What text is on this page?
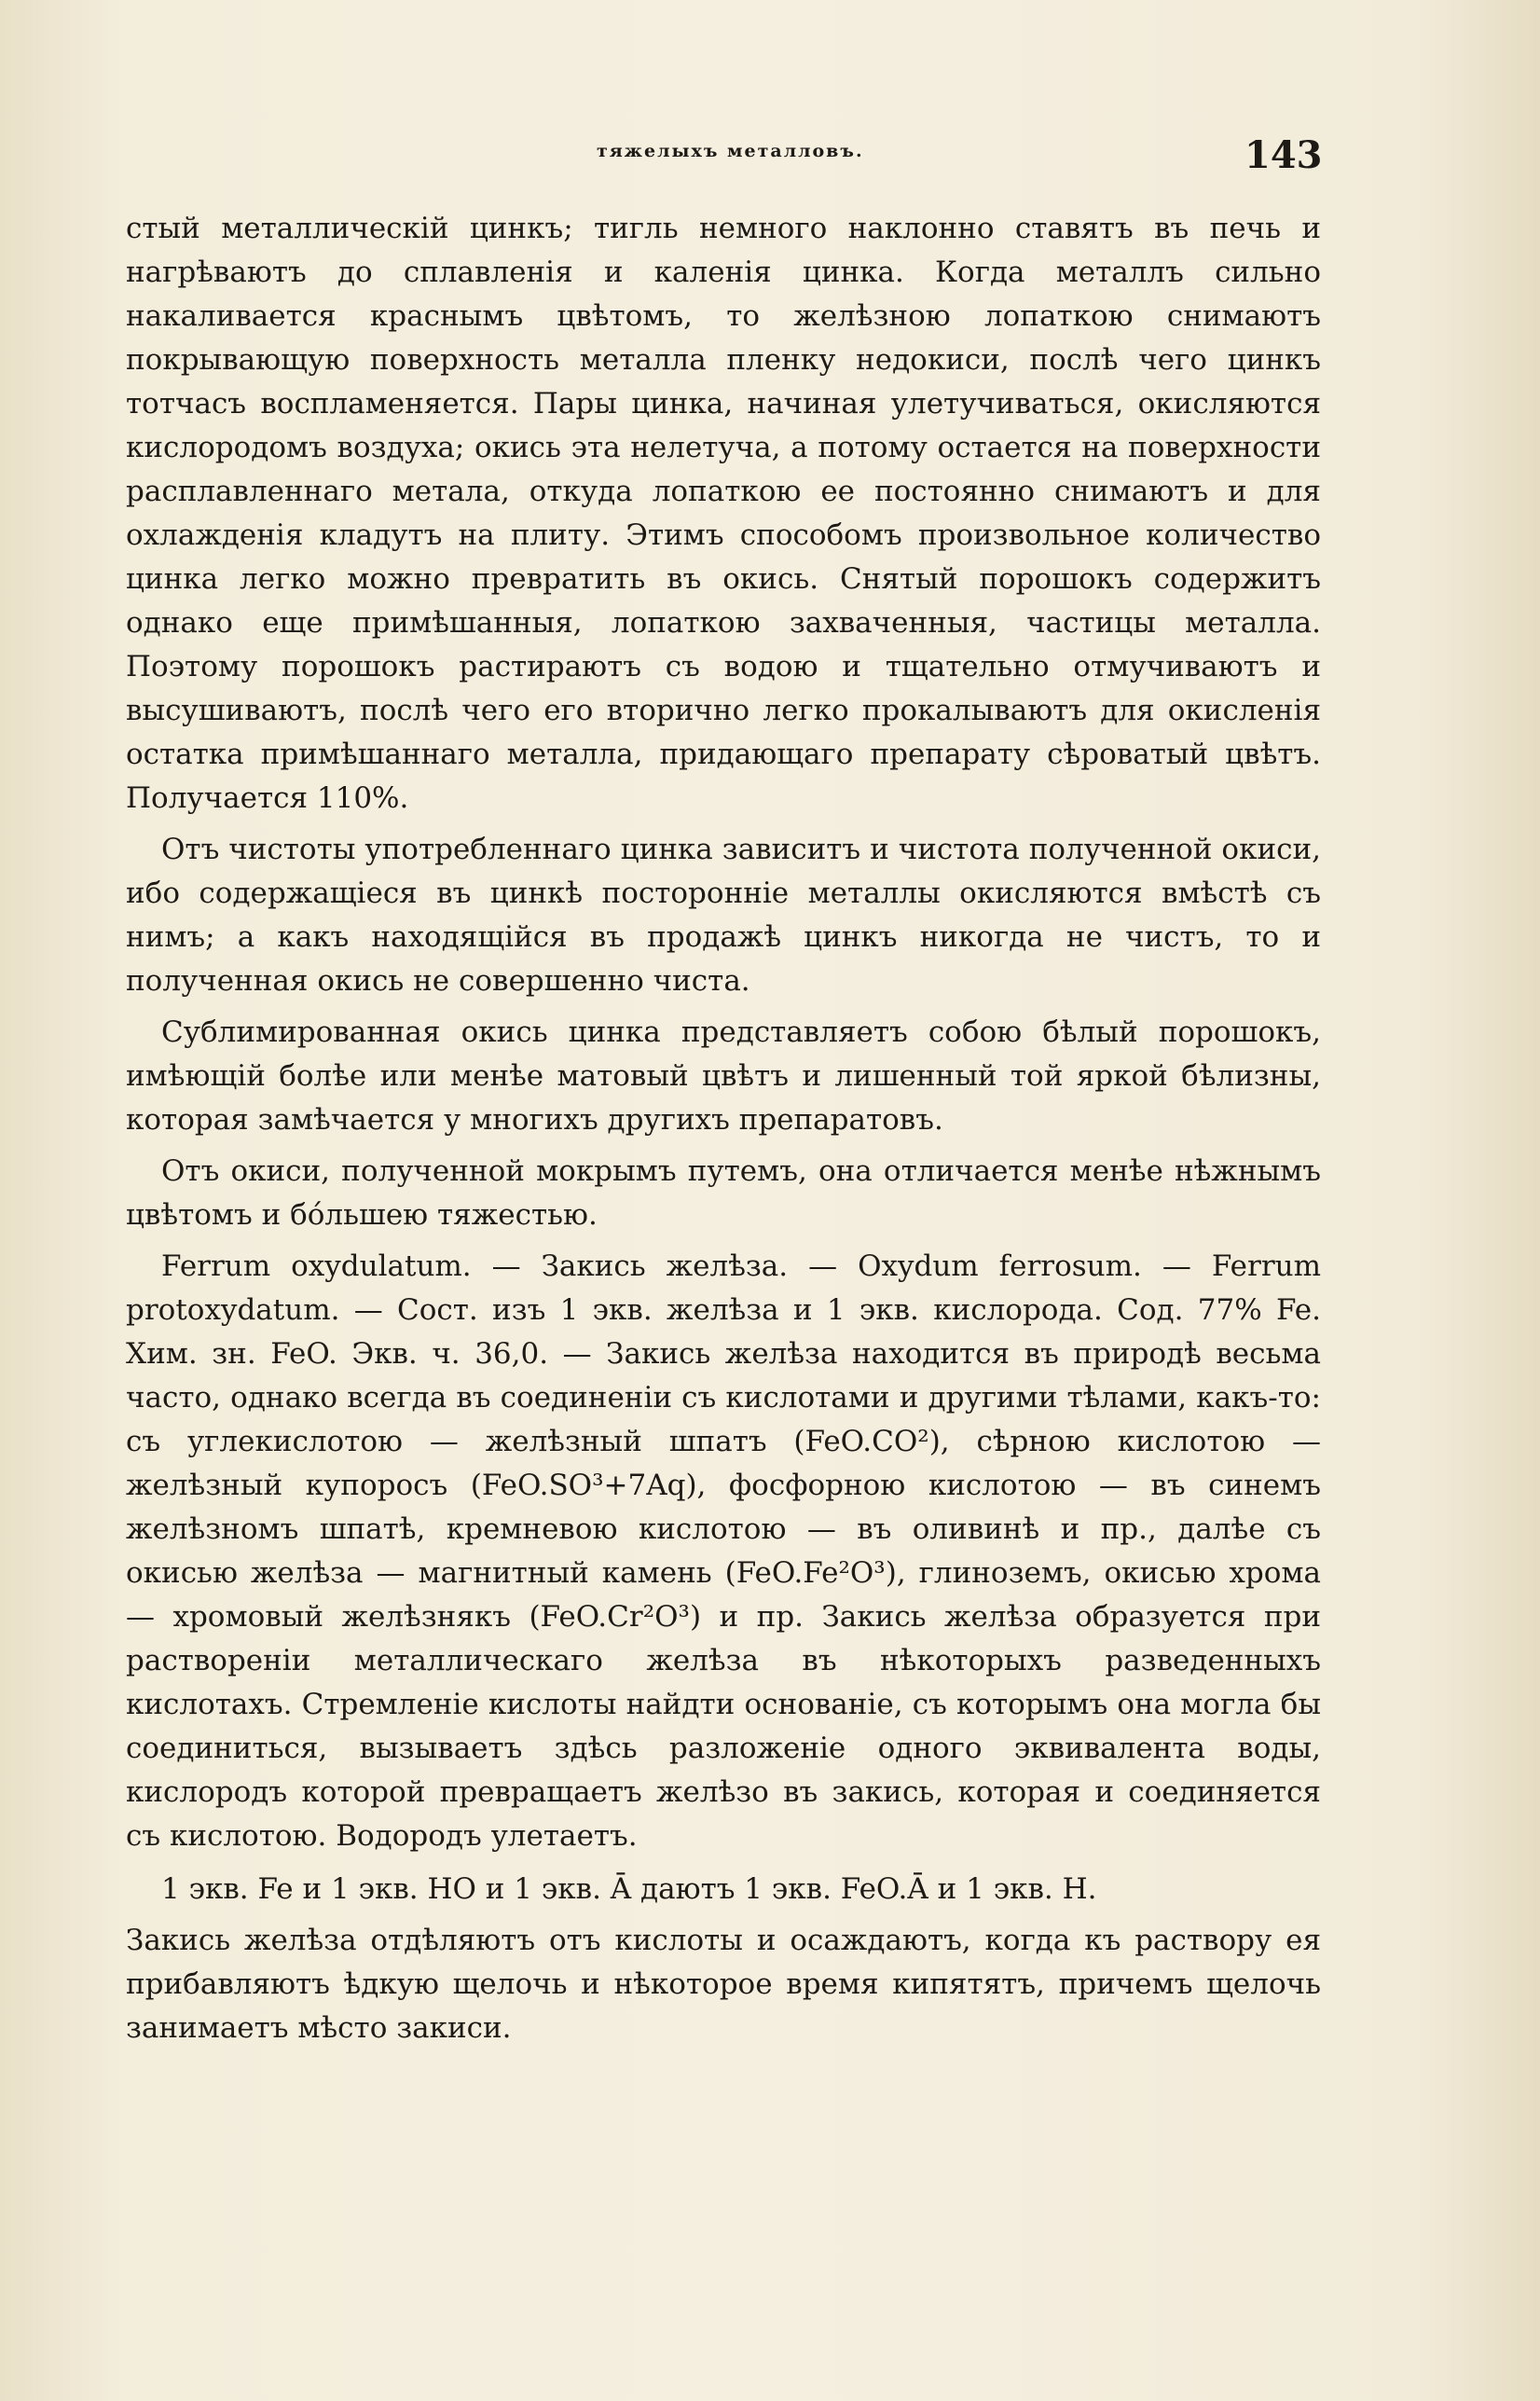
тяжелыхъ металловъ.	143

стый металлическій цинкъ; тигль немного наклонно ставятъ въ печь и нагрѣваютъ до сплавленія и каленія цинка. Когда металлъ сильно накаливается краснымъ цвѣтомъ, то желѣзною лопаткою снимаютъ покрывающую поверхность металла пленку недокиси, послѣ чего цинкъ тотчасъ воспламеняется. Пары цинка, начиная улетучиваться, окисляются кислородомъ воздуха; окись эта нелетуча, а потому остается на поверхности расплавленнаго метала, откуда лопаткою ее постоянно снимаютъ и для охлажденія кладутъ на плиту. Этимъ способомъ произвольное количество цинка легко можно превратить въ окись. Снятый порошокъ содержитъ однако еще примѣшанныя, лопаткою захваченныя, частицы металла. Поэтому порошокъ растираютъ съ водою и тщательно отмучиваютъ и высушиваютъ, послѣ чего его вторично легко прокалываютъ для окисленія остатка примѣшаннаго металла, придающаго препарату сѣроватый цвѣтъ. Получается 110%.

Отъ чистоты употребленнаго цинка зависитъ и чистота полученной окиси, ибо содержащіеся въ цинкѣ посторонніе металлы окисляются вмѣстѣ съ нимъ; а какъ находящійся въ продажѣ цинкъ никогда не чистъ, то и полученная окись не совершенно чиста.

Сублимированная окись цинка представляетъ собою бѣлый порошокъ, имѣющій болѣе или менѣе матовый цвѣтъ и лишенный той яркой бѣлизны, которая замѣчается у многихъ другихъ препаратовъ.

Отъ окиси, полученной мокрымъ путемъ, она отличается менѣе нѣжнымъ цвѣтомъ и бо́льшею тяжестью.

Ferrum oxydulatum. — Закись желѣза. — Oxydum ferrosum. — Ferrum protoxydatum. — Сост. изъ 1 экв. желѣза и 1 экв. кислорода. Сод. 77% Fe. Хим. зн. FeO. Экв. ч. 36,0. — Закись желѣза находится въ природѣ весьма часто, однако всегда въ соединеніи съ кислотами и другими тѣлами, какъ-то: съ углекислотою — желѣзный шпатъ (FeO.CO²), сѣрною кислотою — желѣзный купоросъ (FeO.SO³+7Aq), фосфорною кислотою — въ синемъ желѣзномъ шпатѣ, кремневою кислотою — въ оливинѣ и пр., далѣе съ окисью желѣза — магнитный камень (FeO.Fe²O³), глиноземъ, окисью хрома — хромовый желѣзнякъ (FeO.Cr²O³) и пр. Закись желѣза образуется при раствореніи металлическаго желѣза въ нѣкоторыхъ разведенныхъ кислотахъ. Стремленіе кислоты найдти основаніе, съ которымъ она могла бы соединиться, вызываетъ здѣсь разложеніе одного эквивалента воды, кислородъ которой превращаетъ желѣзо въ закись, которая и соединяется съ кислотою. Водородъ улетаетъ.

1 экв. Fe и 1 экв. HO и 1 экв. Ā даютъ 1 экв. FeO.Ā и 1 экв. H.

Закись желѣза отдѣляютъ отъ кислоты и осаждаютъ, когда къ раствору ея прибавляютъ ѣдкую щелочь и нѣкоторое время кипятятъ, причемъ щелочь занимаетъ мѣсто закиси.
